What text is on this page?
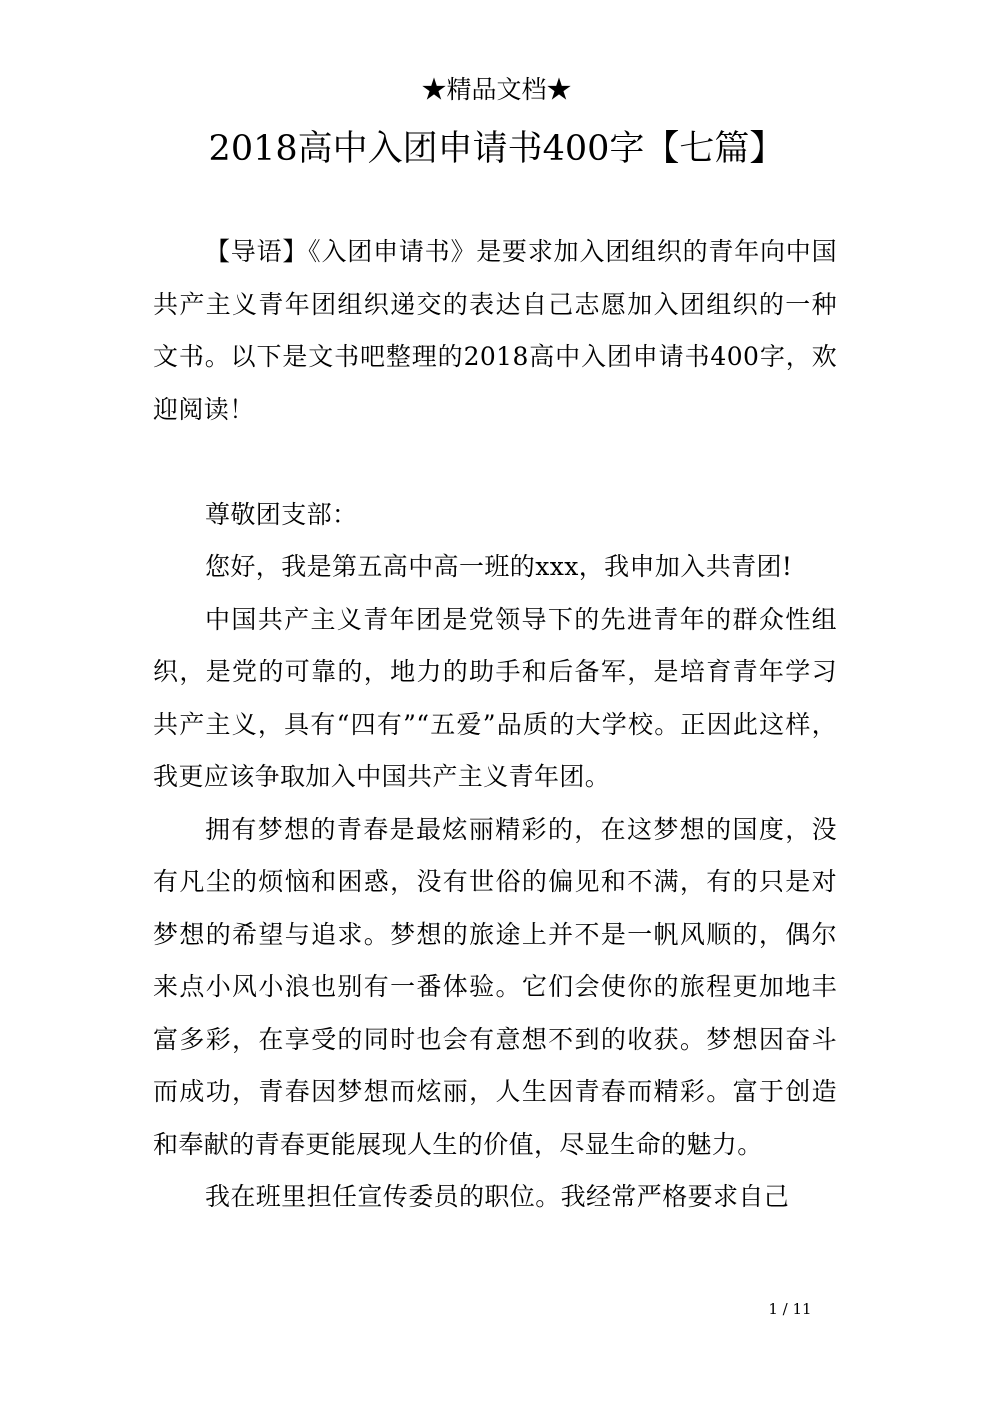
★精品文档★
2018高中入团申请书400字【七篇】

【导语】《入团申请书》是要求加入团组织的青年向中国共产主义青年团组织递交的表达自己志愿加入团组织的一种文书。以下是文书吧整理的2018高中入团申请书400字，欢迎阅读！

尊敬团支部：

您好，我是第五高中高一班的xxx，我申加入共青团!

中国共产主义青年团是党领导下的先进青年的群众性组织，是党的可靠的，地力的助手和后备军，是培育青年学习共产主义，具有“四有”“五爱”品质的大学校。正因此这样，我更应该争取加入中国共产主义青年团。

拥有梦想的青春是最炫丽精彩的，在这梦想的国度，没有凡尘的烦恼和困惑，没有世俗的偏见和不满，有的只是对梦想的希望与追求。梦想的旅途上并不是一帆风顺的，偶尔来点小风小浪也别有一番体验。它们会使你的旅程更加地丰富多彩，在享受的同时也会有意想不到的收获。梦想因奋斗而成功，青春因梦想而炫丽，人生因青春而精彩。富于创造和奉献的青春更能展现人生的价值，尽显生命的魅力。

我在班里担任宣传委员的职位。我经常严格要求自己

1 / 11
